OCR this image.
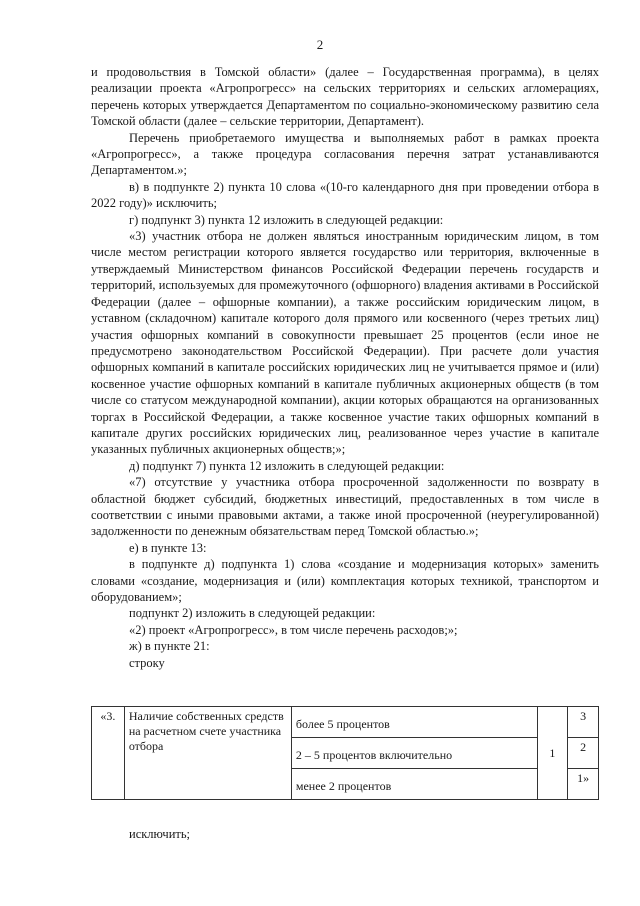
2

и продовольствия в Томской области» (далее – Государственная программа), в целях реализации проекта «Агропрогресс» на сельских территориях и сельских агломерациях, перечень которых утверждается Департаментом по социально-экономическому развитию села Томской области (далее – сельские территории, Департамент).

Перечень приобретаемого имущества и выполняемых работ в рамках проекта «Агропрогресс», а также процедура согласования перечня затрат устанавливаются Департаментом.»;

в) в подпункте 2) пункта 10 слова «(10-го календарного дня при проведении отбора в 2022 году)» исключить;

г) подпункт 3) пункта 12 изложить в следующей редакции:

«3) участник отбора не должен являться иностранным юридическим лицом, в том числе местом регистрации которого является государство или территория, включенные в утверждаемый Министерством финансов Российской Федерации перечень государств и территорий, используемых для промежуточного (офшорного) владения активами в Российской Федерации (далее – офшорные компании), а также российским юридическим лицом, в уставном (складочном) капитале которого доля прямого или косвенного (через третьих лиц) участия офшорных компаний в совокупности превышает 25 процентов (если иное не предусмотрено законодательством Российской Федерации). При расчете доли участия офшорных компаний в капитале российских юридических лиц не учитывается прямое и (или) косвенное участие офшорных компаний в капитале публичных акционерных обществ (в том числе со статусом международной компании), акции которых обращаются на организованных торгах в Российской Федерации, а также косвенное участие таких офшорных компаний в капитале других российских юридических лиц, реализованное через участие в капитале указанных публичных акционерных обществ;»;

д) подпункт 7) пункта 12 изложить в следующей редакции:

«7) отсутствие у участника отбора просроченной задолженности по возврату в областной бюджет субсидий, бюджетных инвестиций, предоставленных в том числе в соответствии с иными правовыми актами, а также иной просроченной (неурегулированной) задолженности по денежным обязательствам перед Томской областью.»;

е) в пункте 13:

в подпункте д) подпункта 1) слова «создание и модернизация которых» заменить словами «создание, модернизация и (или) комплектация которых техникой, транспортом и оборудованием»;

подпункт 2) изложить в следующей редакции:

«2) проект «Агропрогресс», в том числе перечень расходов;»;

ж) в пункте 21:

строку

«3.	Наличие собственных средств на расчетном счете участника отбора	более 5 процентов	1	3
		2 – 5 процентов включительно		2
		менее 2 процентов		1»
исключить;
